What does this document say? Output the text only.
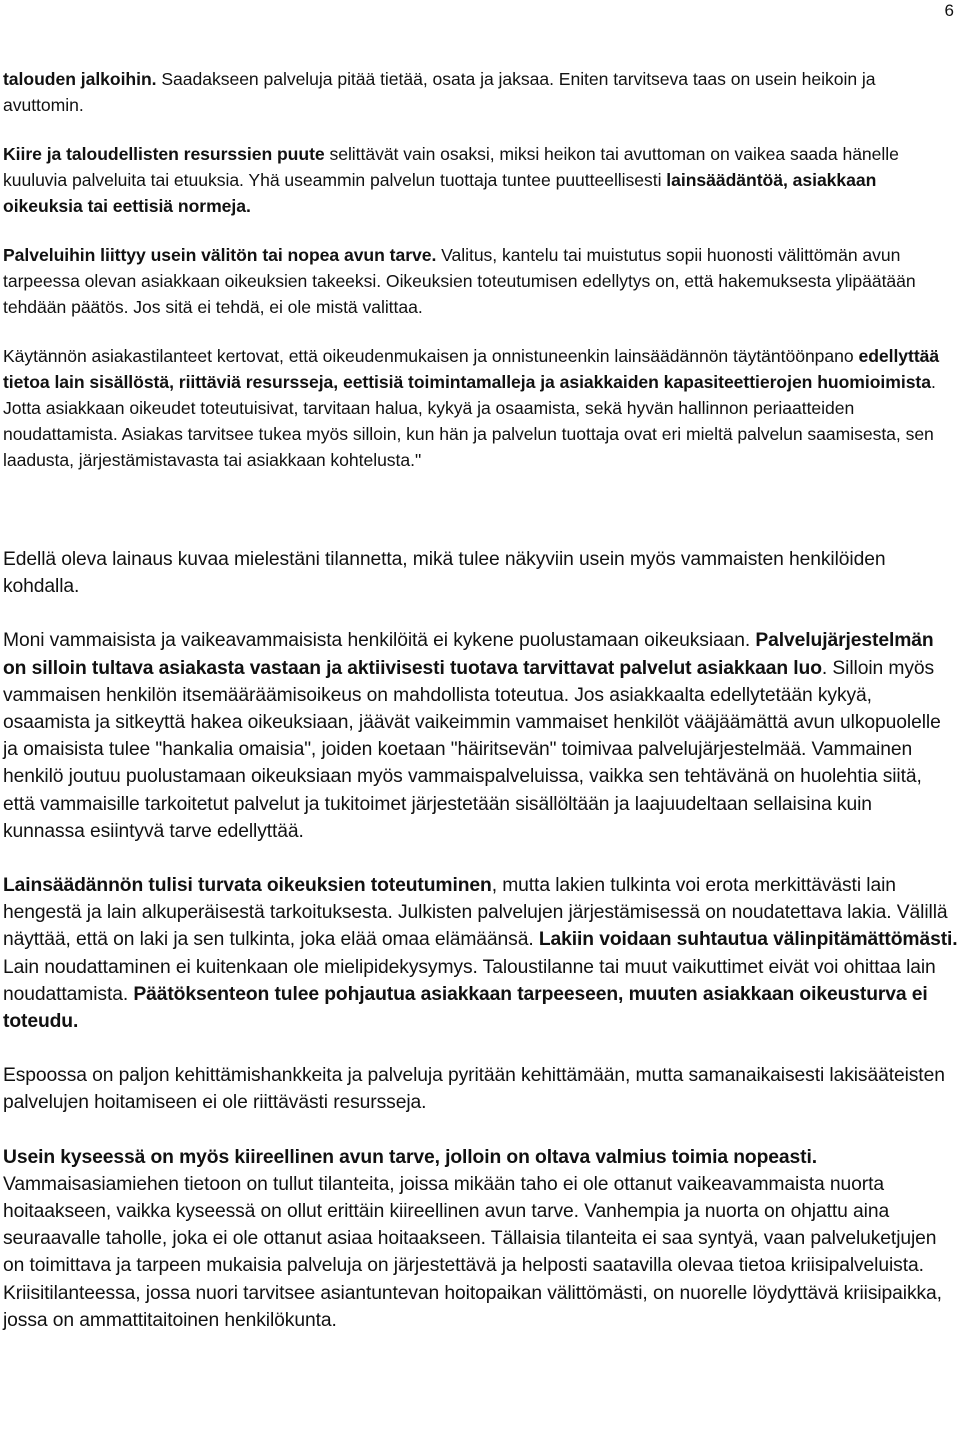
6

talouden jalkoihin. Saadakseen palveluja pitää tietää, osata ja jaksaa. Eniten tarvitseva taas on usein heikoin ja avuttomin.

Kiire ja taloudellisten resurssien puute selittävät vain osaksi, miksi heikon tai avuttoman on vaikea saada hänelle kuuluvia palveluita tai etuuksia. Yhä useammin palvelun tuottaja tuntee puutteellisesti lainsäädäntöä, asiakkaan oikeuksia tai eettisiä normeja.

Palveluihin liittyy usein välitön tai nopea avun tarve. Valitus, kantelu tai muistutus sopii huonosti välittömän avun tarpeessa olevan asiakkaan oikeuksien takeeksi. Oikeuksien toteutumisen edellytys on, että hakemuksesta ylipäätään tehdään päätös. Jos sitä ei tehdä, ei ole mistä valittaa.

Käytännön asiakastilanteet kertovat, että oikeudenmukaisen ja onnistuneenkin lainsäädännön täytäntöönpano edellyttää tietoa lain sisällöstä, riittäviä resursseja, eettisiä toimintamalleja ja asiakkaiden kapasiteettierojen huomioimista. Jotta asiakkaan oikeudet toteutuisivat, tarvitaan halua, kykyä ja osaamista, sekä hyvän hallinnon periaatteiden noudattamista. Asiakas tarvitsee tukea myös silloin, kun hän ja palvelun tuottaja ovat eri mieltä palvelun saamisesta, sen laadusta, järjestämistavasta tai asiakkaan kohtelusta."

Edellä oleva lainaus kuvaa mielestäni tilannetta, mikä tulee näkyviin usein myös vammaisten henkilöiden kohdalla.

Moni vammaisista ja vaikeavammaisista henkilöitä ei kykene puolustamaan oikeuksiaan. Palvelujärjestelmän on silloin tultava asiakasta vastaan ja aktiivisesti tuotava tarvittavat palvelut asiakkaan luo. Silloin myös vammaisen henkilön itsemääräämisoikeus on mahdollista toteutua. Jos asiakkaalta edellytetään kykyä, osaamista ja sitkeyttä hakea oikeuksiaan, jäävät vaikeimmin vammaiset henkilöt vääjäämättä avun ulkopuolelle ja omaisista tulee "hankalia omaisia", joiden koetaan "häiritsevän" toimivaa palvelujärjestelmää. Vammainen henkilö joutuu puolustamaan oikeuksiaan myös vammaispalveluissa, vaikka sen tehtävänä on huolehtia siitä, että vammaisille tarkoitetut palvelut ja tukitoimet järjestetään sisällöltään ja laajuudeltaan sellaisina kuin kunnassa esiintyvä tarve edellyttää.

Lainsäädännön tulisi turvata oikeuksien toteutuminen, mutta lakien tulkinta voi erota merkittävästi lain hengestä ja lain alkuperäisestä tarkoituksesta. Julkisten palvelujen järjestämisessä on noudatettava lakia. Välillä näyttää, että on laki ja sen tulkinta, joka elää omaa elämäänsä. Lakiin voidaan suhtautua välinpitämättömästi. Lain noudattaminen ei kuitenkaan ole mielipidekysymys. Taloustilanne tai muut vaikuttimet eivät voi ohittaa lain noudattamista. Päätöksenteon tulee pohjautua asiakkaan tarpeeseen, muuten asiakkaan oikeusturva ei toteudu.

Espoossa on paljon kehittämishankkeita ja palveluja pyritään kehittämään, mutta samanaikaisesti lakisääteisten palvelujen hoitamiseen ei ole riittävästi resursseja.

Usein kyseessä on myös kiireellinen avun tarve, jolloin on oltava valmius toimia nopeasti. Vammaisasiamiehen tietoon on tullut tilanteita, joissa mikään taho ei ole ottanut vaikeavammaista nuorta hoitaakseen, vaikka kyseessä on ollut erittäin kiireellinen avun tarve. Vanhempia ja nuorta on ohjattu aina seuraavalle taholle, joka ei ole ottanut asiaa hoitaakseen. Tällaisia tilanteita ei saa syntyä, vaan palveluketjujen on toimittava ja tarpeen mukaisia palveluja on järjestettävä ja helposti saatavilla olevaa tietoa kriisipalveluista. Kriisitilanteessa, jossa nuori tarvitsee asiantuntevan hoitopaikan välittömästi, on nuorelle löydyttävä kriisipaikka, jossa on ammattitaitoinen henkilökunta.
